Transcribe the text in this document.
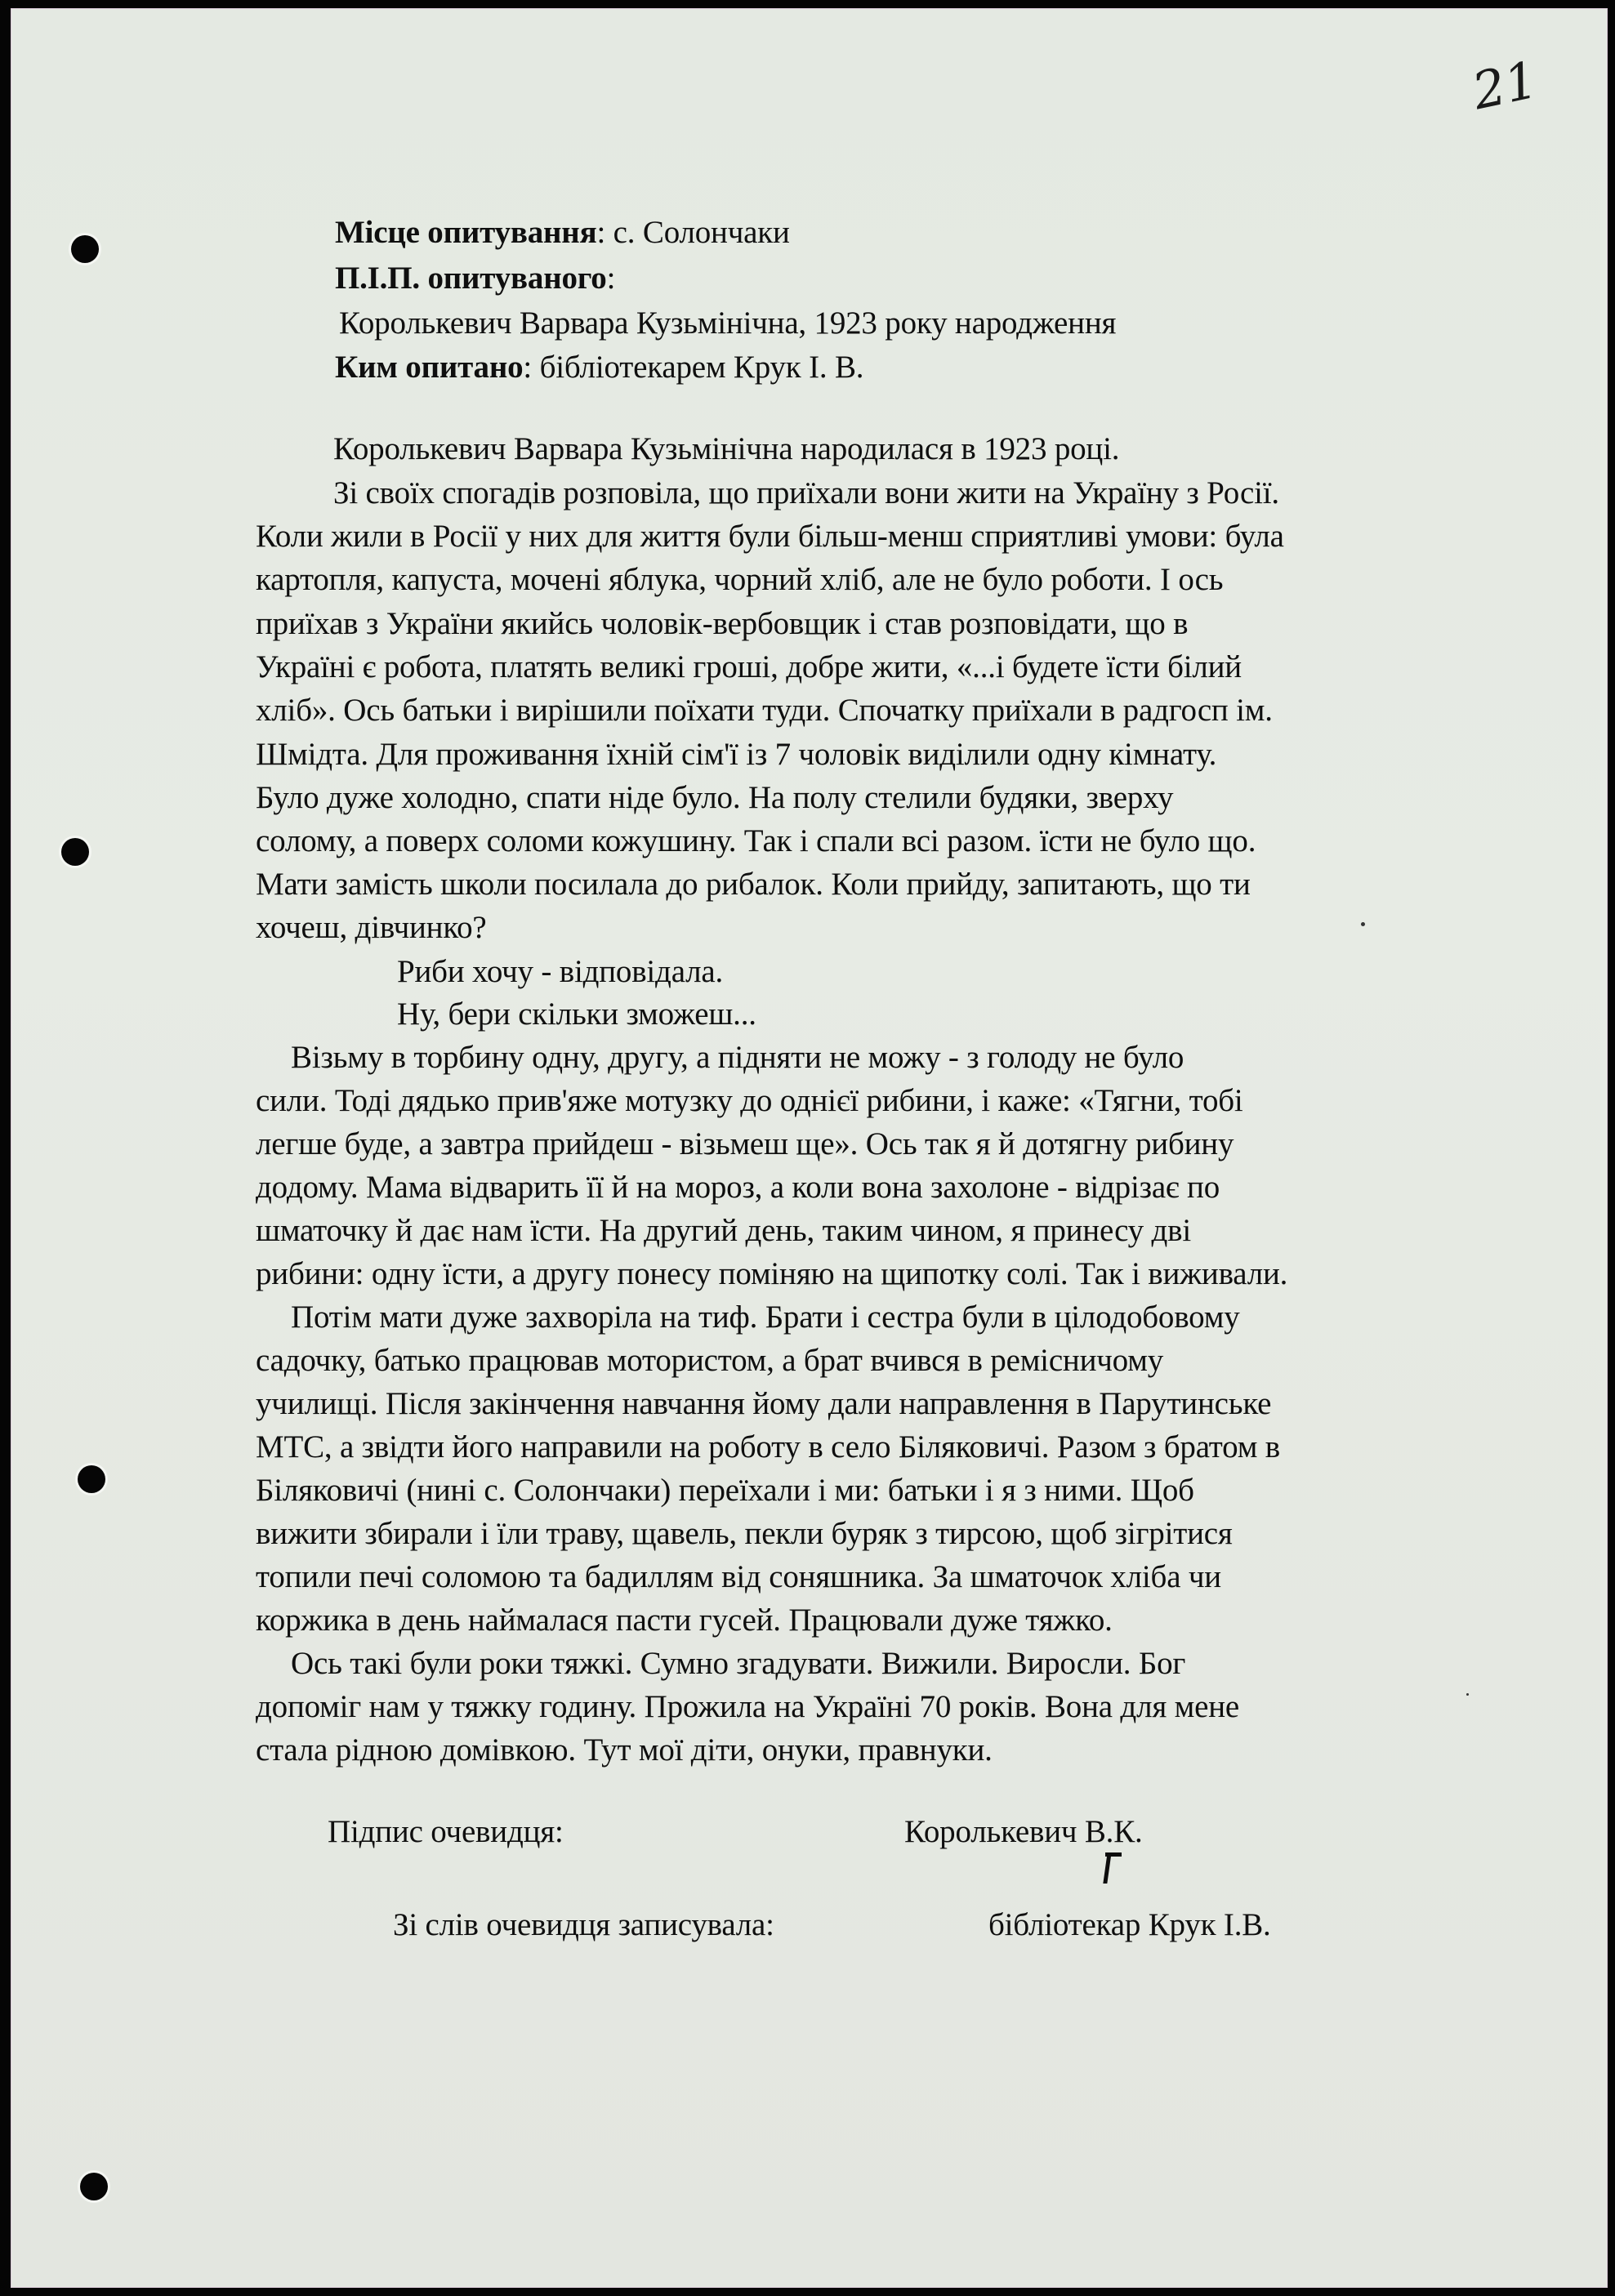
21
Місце опитування: с. Солончаки
П.І.П. опитуваного:
Королькевич Варвара Кузьмінічна, 1923 року народження
Ким опитано: бібліотекарем Крук І. В.
Королькевич Варвара Кузьмінічна народилася в 1923 році.
Зі своїх спогадів розповіла, що приїхали вони жити на Україну з Росії.
Коли жили в Росії у них для життя були більш-менш сприятливі умови: була
картопля, капуста, мочені яблука, чорний хліб, але не було роботи. І ось
приїхав з України якийсь чоловік-вербовщик і став розповідати, що в
Україні є робота, платять великі гроші, добре жити, «...і будете їсти білий
хліб». Ось батьки і вирішили поїхати туди. Спочатку приїхали в радгосп ім.
Шмідта. Для проживання їхній сім'ї із 7 чоловік виділили одну кімнату.
Було дуже холодно, спати ніде було. На полу стелили будяки, зверху
солому, а поверх соломи кожушину. Так і спали всі разом. їсти не було що.
Мати замість школи посилала до рибалок. Коли прийду, запитають, що ти
хочеш, дівчинко?
Риби хочу - відповідала.
Ну, бери скільки зможеш...
Візьму в торбину одну, другу, а підняти не можу - з голоду не було
сили. Тоді дядько прив'яже мотузку до однієї рибини, і каже: «Тягни, тобі
легше буде, а завтра прийдеш - візьмеш ще». Ось так я й дотягну рибину
додому. Мама відварить її й на мороз, а коли вона захолоне - відрізає по
шматочку й дає нам їсти. На другий день, таким чином, я принесу дві
рибини: одну їсти, а другу понесу поміняю на щипотку солі. Так і виживали.
Потім мати дуже захворіла на тиф. Брати і сестра були в цілодобовому
садочку, батько працював мотористом, а брат вчився в ремісничому
училищі. Після закінчення навчання йому дали направлення в Парутинське
МТС, а звідти його направили на роботу в село Біляковичі. Разом з братом в
Біляковичі (нині с. Солончаки) переїхали і ми: батьки і я з ними. Щоб
вижити збирали і їли траву, щавель, пекли буряк з тирсою, щоб зігрітися
топили печі соломою та бадиллям від соняшника. За шматочок хліба чи
коржика в день наймалася пасти гусей. Працювали дуже тяжко.
Ось такі були роки тяжкі. Сумно згадувати. Вижили. Виросли. Бог
допоміг нам у тяжку годину. Прожила на Україні 70 років. Вона для мене
стала рідною домівкою. Тут мої діти, онуки, правнуки.
Підпис очевидця:	Королькевич В.К.
Зі слів очевидця записувала:	бібліотекар Крук І.В.
